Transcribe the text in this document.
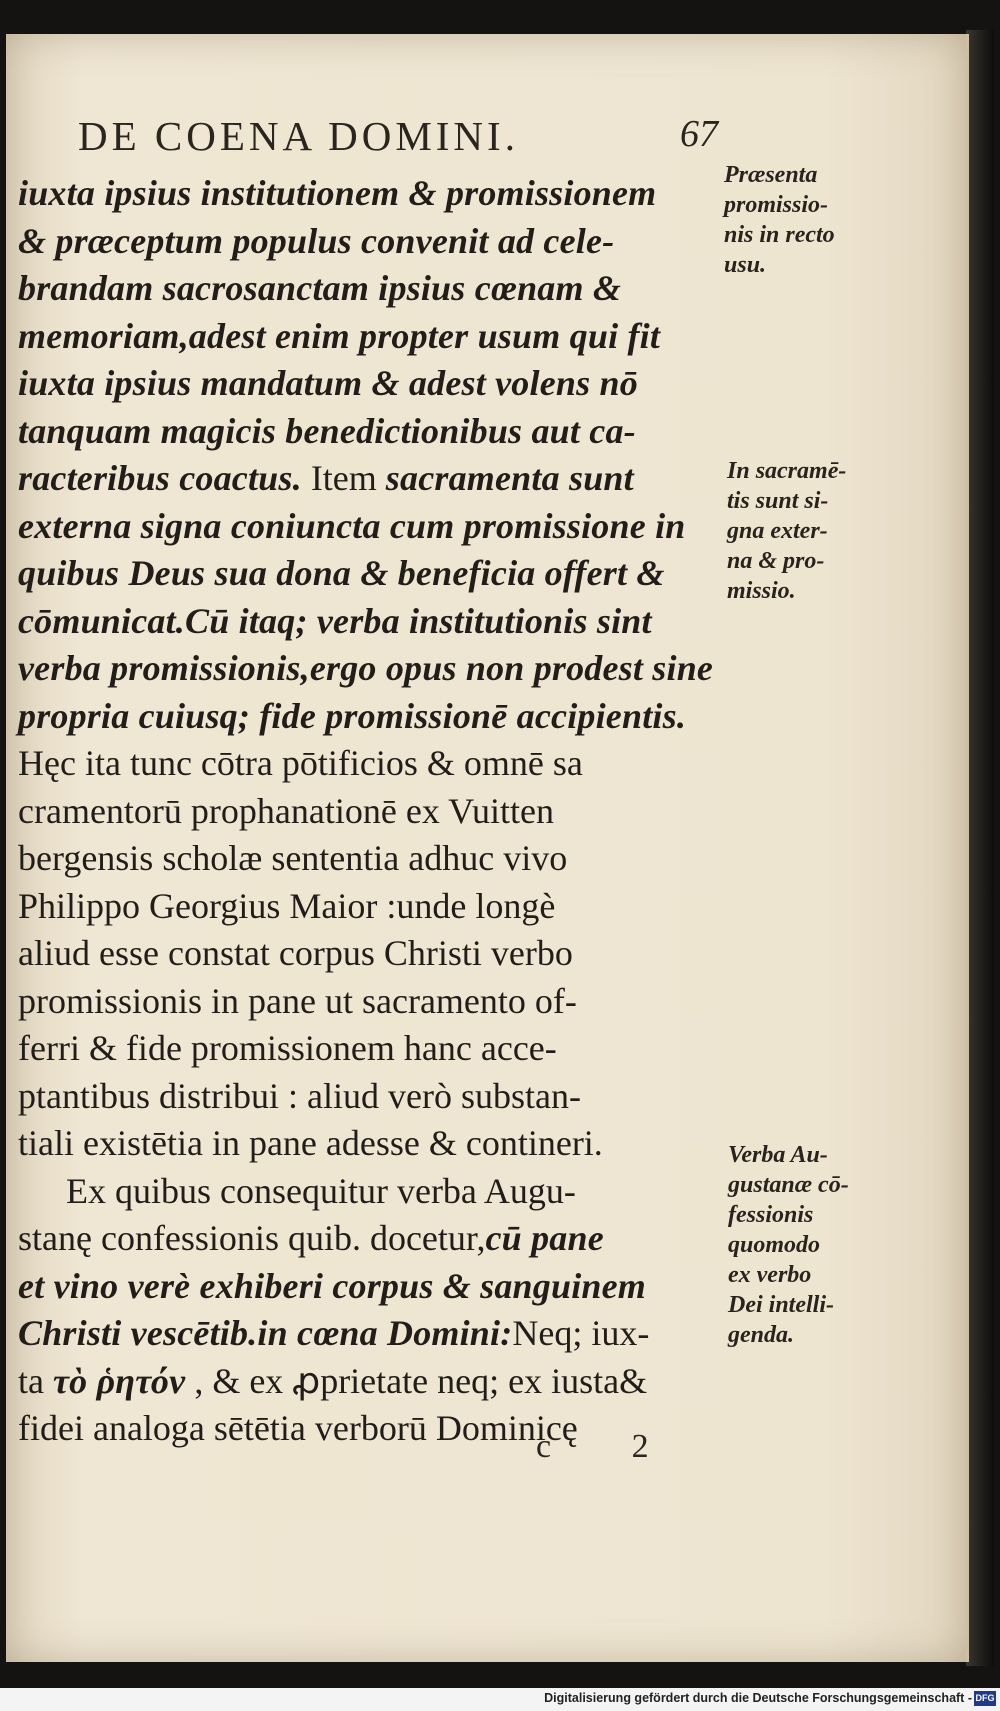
DE COENA DOMINI.	67
iuxta ipsius institutionem & promissionem
& præceptum populus convenit ad cele-
brandam sacrosanctam ipsius cœnam &
memoriam,adest enim propter usum qui fit
iuxta ipsius mandatum & adest volens nō
tanquam magicis benedictionibus aut ca-
racteribus coactus. Item sacramenta sunt
externa signa coniuncta cum promissione in
quibus Deus sua dona & beneficia offert &
cōmunicat.Cū itaq; verba institutionis sint
verba promissionis,ergo opus non prodest sine
propria cuiusq; fide promissionē accipientis.
Hęc ita tunc cōtra pōtificios & omnē sa
cramentorū prophanationē ex Vuitten
bergensis scholæ sententia adhuc vivo
Philippo Georgius Maior :unde longè
aliud esse constat corpus Christi verbo
promissionis in pane ut sacramento of-
ferri & fide promissionem hanc acce-
ptantibus distribui : aliud verò substan-
tiali existētia in pane adesse & contineri.
Ex quibus consequitur verba Augu-
stanę confessionis quib. docetur,cū pane
et vino verè exhiberi corpus & sanguinem
Christi vescētib.in cœna Domini:Neq; iux-
ta τὸ ῥητόν , & ex ꝓprietate neq; ex iusta&
fidei analoga sētētia verborū Dominicę
Præsenta
promissio-
nis in recto
usu.
In sacramē-
tis sunt si-
gna exter-
na & pro-
missio.
Verba Au-
gustanæ cō-
fessionis
quomodo
ex verbo
Dei intelli-
genda.
c 2
Digitalisierung gefördert durch die Deutsche Forschungsgemeinschaft - DFG
